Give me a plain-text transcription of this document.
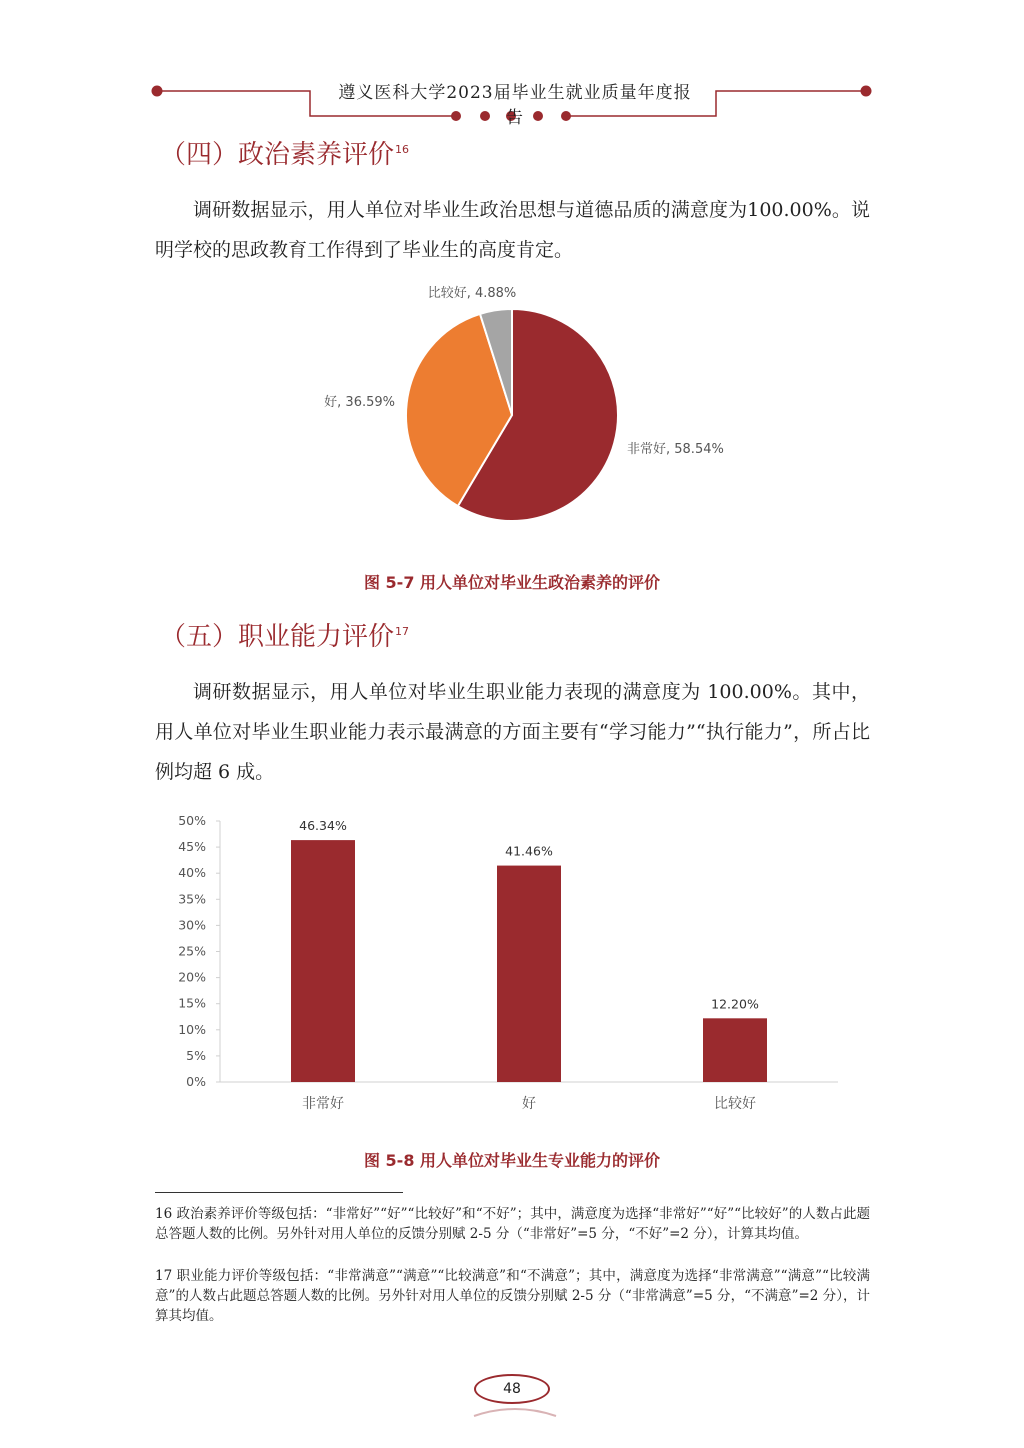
遵义医科大学2023届毕业生就业质量年度报告
（四）政治素养评价$^{16}$
调研数据显示，用人单位对毕业生政治思想与道德品质的满意度为100.00%。说明学校的思政教育工作得到了毕业生的高度肯定。
非常好, 58.54%
好, 36.59%
比较好, 4.88%
图 5-7 用人单位对毕业生政治素养的评价
（五）职业能力评价$^{17}$
调研数据显示，用人单位对毕业生职业能力表现的满意度为 100.00%。其中，用人单位对毕业生职业能力表示最满意的方面主要有“学习能力”“执行能力”，所占比例均超 6 成。
0%
5%
10%
15%
20%
25%
30%
35%
40%
45%
50%	46.34%
非常好
41.46%
好
12.20%
比较好
图 5-8 用人单位对毕业生专业能力的评价
16 政治素养评价等级包括：“非常好”“好”“比较好”和“不好”；其中，满意度为选择“非常好”“好”“比较好”的人数占此题总答题人数的比例。另外针对用人单位的反馈分别赋 2-5 分（“非常好”=5 分，“不好”=2 分），计算其均值。
17 职业能力评价等级包括：“非常满意”“满意”“比较满意”和“不满意”；其中，满意度为选择“非常满意”“满意”“比较满意”的人数占此题总答题人数的比例。另外针对用人单位的反馈分别赋 2-5 分（“非常满意”=5 分，“不满意”=2 分），计算其均值。
48
